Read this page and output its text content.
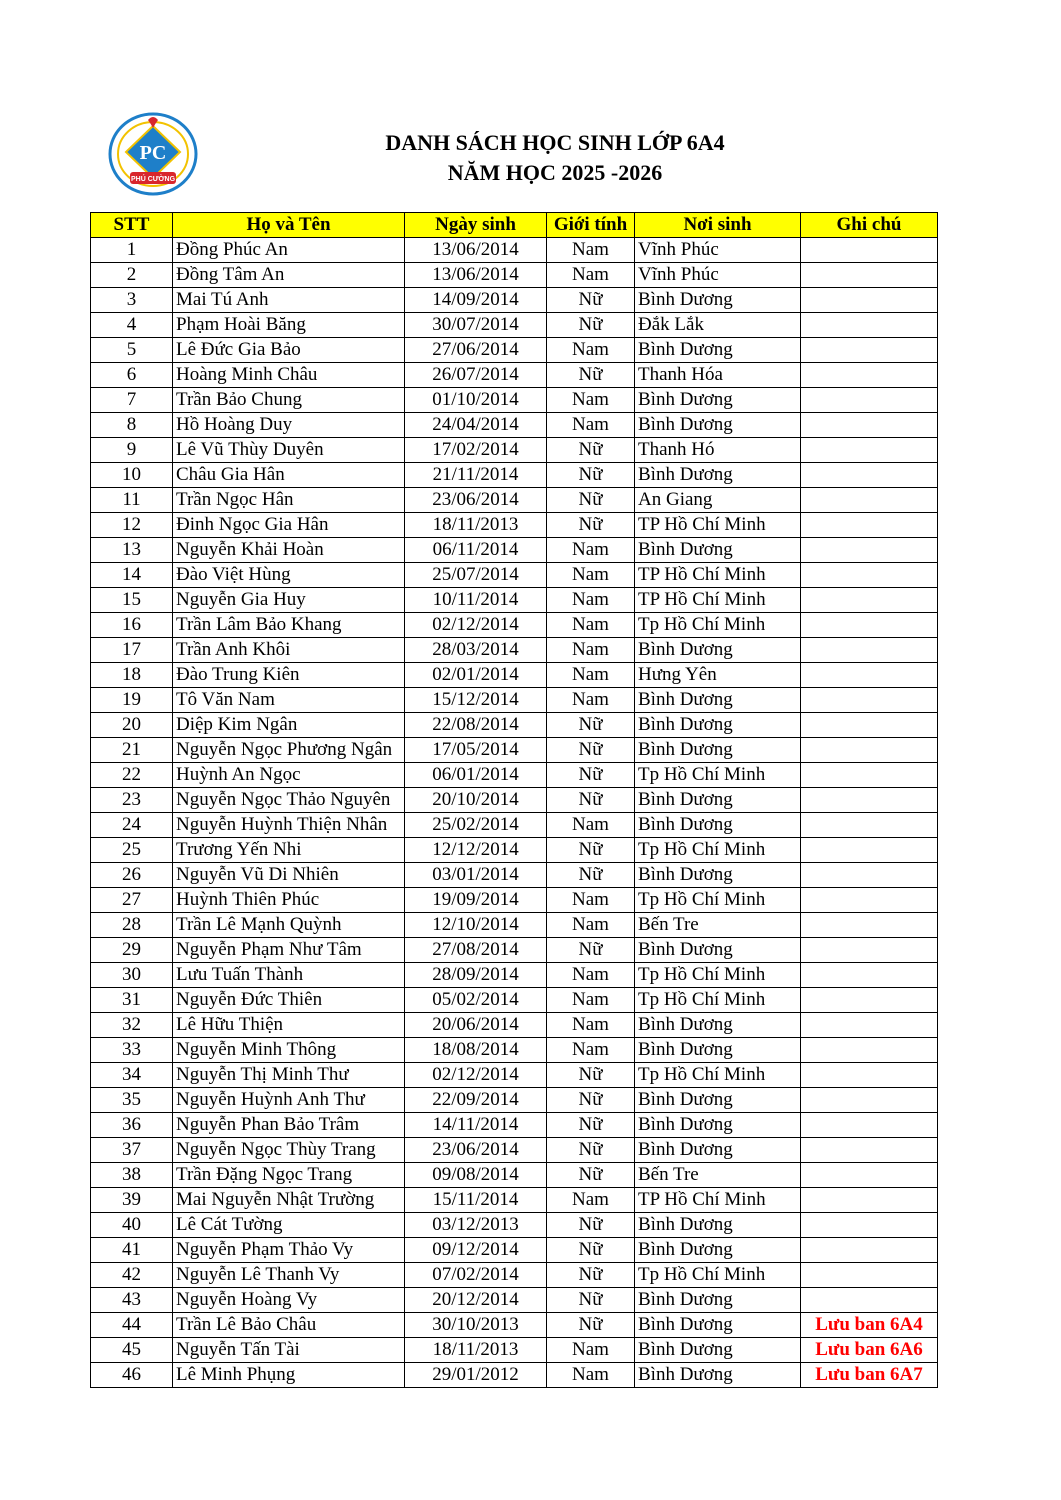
PC
PHÚ CƯỜNG
DANH SÁCH HỌC SINH LỚP 6A4
NĂM HỌC 2025 -2026
STT	Họ và Tên	Ngày sinh	Giới tính	Nơi sinh	Ghi chú
1	Đồng Phúc An	13/06/2014	Nam	Vĩnh Phúc	
2	Đồng Tâm An	13/06/2014	Nam	Vĩnh Phúc	
3	Mai Tú Anh	14/09/2014	Nữ	Bình Dương	
4	Phạm Hoài Băng	30/07/2014	Nữ	Đắk Lắk	
5	Lê Đức Gia Bảo	27/06/2014	Nam	Bình Dương	
6	Hoàng Minh Châu	26/07/2014	Nữ	Thanh Hóa	
7	Trần Bảo Chung	01/10/2014	Nam	Bình Dương	
8	Hồ Hoàng Duy	24/04/2014	Nam	Bình Dương	
9	Lê Vũ Thùy Duyên	17/02/2014	Nữ	Thanh Hó	
10	Châu Gia Hân	21/11/2014	Nữ	Bình Dương	
11	Trần Ngọc Hân	23/06/2014	Nữ	An Giang	
12	Đinh Ngọc Gia Hân	18/11/2013	Nữ	TP Hồ Chí Minh	
13	Nguyễn Khải Hoàn	06/11/2014	Nam	Bình Dương	
14	Đào Việt Hùng	25/07/2014	Nam	TP Hồ Chí Minh	
15	Nguyễn Gia Huy	10/11/2014	Nam	TP Hồ Chí Minh	
16	Trần Lâm Bảo Khang	02/12/2014	Nam	Tp Hồ Chí Minh	
17	Trần Anh Khôi	28/03/2014	Nam	Bình Dương	
18	Đào Trung Kiên	02/01/2014	Nam	Hưng Yên	
19	Tô Văn Nam	15/12/2014	Nam	Bình Dương	
20	Diệp Kim Ngân	22/08/2014	Nữ	Bình Dương	
21	Nguyễn Ngọc Phương Ngân	17/05/2014	Nữ	Bình Dương	
22	Huỳnh An Ngọc	06/01/2014	Nữ	Tp Hồ Chí Minh	
23	Nguyễn Ngọc Thảo Nguyên	20/10/2014	Nữ	Bình Dương	
24	Nguyễn Huỳnh Thiện Nhân	25/02/2014	Nam	Bình Dương	
25	Trương Yến Nhi	12/12/2014	Nữ	Tp Hồ Chí Minh	
26	Nguyễn Vũ Di Nhiên	03/01/2014	Nữ	Bình Dương	
27	Huỳnh Thiên Phúc	19/09/2014	Nam	Tp Hồ Chí Minh	
28	Trần Lê Mạnh Quỳnh	12/10/2014	Nam	Bến Tre	
29	Nguyễn Phạm Như Tâm	27/08/2014	Nữ	Bình Dương	
30	Lưu Tuấn Thành	28/09/2014	Nam	Tp Hồ Chí Minh	
31	Nguyễn Đức Thiên	05/02/2014	Nam	Tp Hồ Chí Minh	
32	Lê Hữu Thiện	20/06/2014	Nam	Bình Dương	
33	Nguyễn Minh Thông	18/08/2014	Nam	Bình Dương	
34	Nguyễn Thị Minh Thư	02/12/2014	Nữ	Tp Hồ Chí Minh	
35	Nguyễn Huỳnh Anh Thư	22/09/2014	Nữ	Bình Dương	
36	Nguyễn Phan Bảo Trâm	14/11/2014	Nữ	Bình Dương	
37	Nguyễn Ngọc Thùy Trang	23/06/2014	Nữ	Bình Dương	
38	Trần Đặng Ngọc Trang	09/08/2014	Nữ	Bến Tre	
39	Mai Nguyễn Nhật Trường	15/11/2014	Nam	TP Hồ Chí Minh	
40	Lê Cát Tường	03/12/2013	Nữ	Bình Dương	
41	Nguyễn Phạm Thảo Vy	09/12/2014	Nữ	Bình Dương	
42	Nguyễn Lê Thanh Vy	07/02/2014	Nữ	Tp Hồ Chí Minh	
43	Nguyễn Hoàng Vy	20/12/2014	Nữ	Bình Dương	
44	Trần Lê Bảo Châu	30/10/2013	Nữ	Bình Dương	Lưu ban 6A4
45	Nguyễn Tấn Tài	18/11/2013	Nam	Bình Dương	Lưu ban 6A6
46	Lê Minh Phụng	29/01/2012	Nam	Bình Dương	Lưu ban 6A7
